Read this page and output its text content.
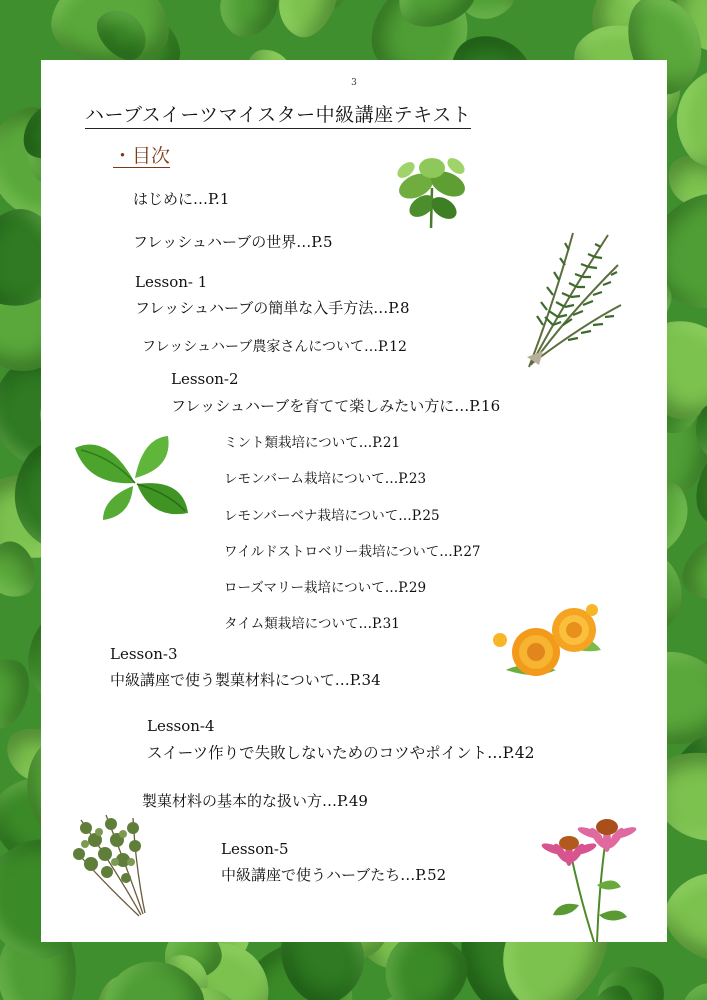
3
ハーブスイーツマイスター中級講座テキスト
・目次
はじめに…P.1
フレッシュハーブの世界…P.5
Lesson- 1
フレッシュハーブの簡単な入手方法…P.8
フレッシュハーブ農家さんについて…P.12
Lesson-2
フレッシュハーブを育てて楽しみたい方に…P.16
ミント類栽培について…P.21
レモンバーム栽培について…P.23
レモンバーベナ栽培について…P.25
ワイルドストロベリー栽培について…P.27
ローズマリー栽培について…P.29
タイム類栽培について…P.31
Lesson-3
中級講座で使う製菓材料について…P.34
Lesson-4
スイーツ作りで失敗しないためのコツやポイント…P.42
製菓材料の基本的な扱い方…P.49
Lesson-5
中級講座で使うハーブたち…P.52
